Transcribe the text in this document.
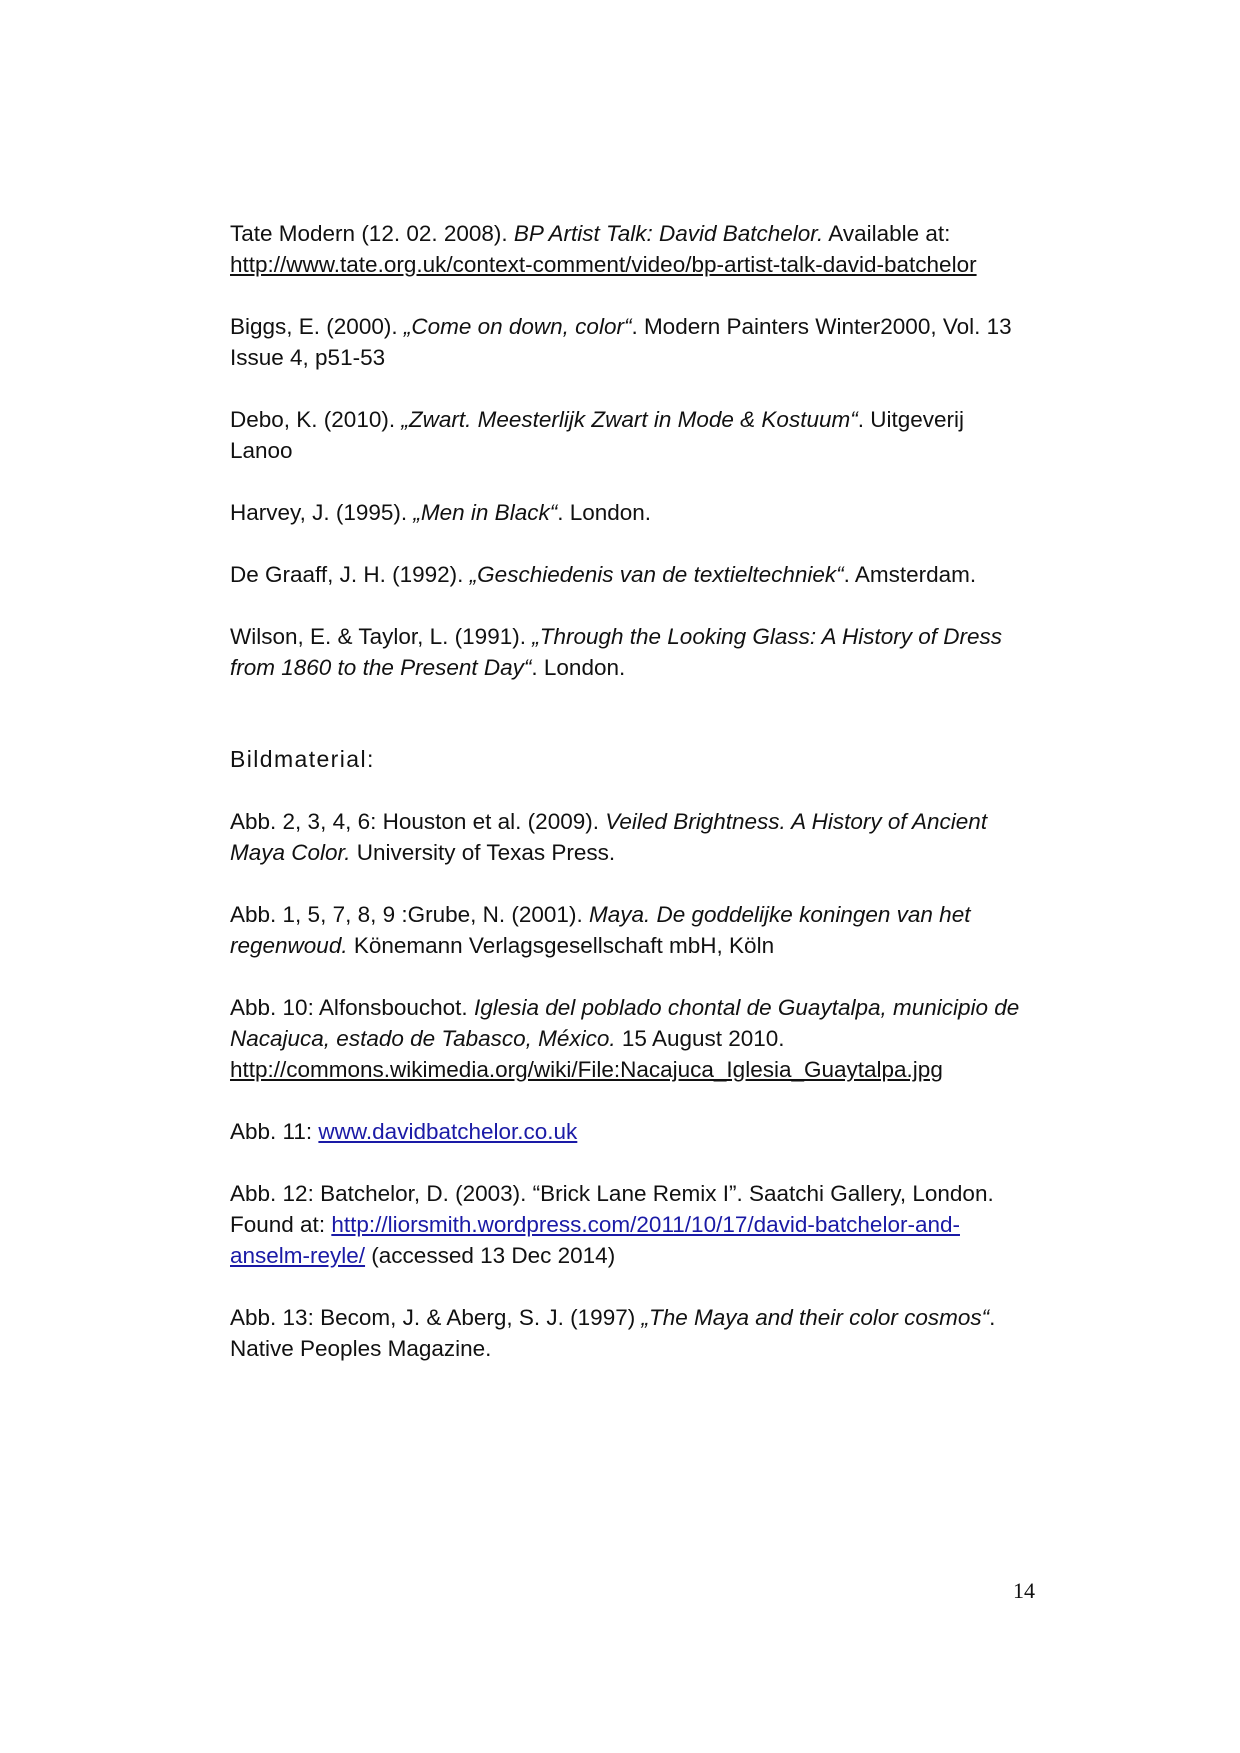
Tate Modern (12. 02. 2008). BP Artist Talk: David Batchelor. Available at:
http://www.tate.org.uk/context-comment/video/bp-artist-talk-david-batchelor

Biggs, E. (2000). „Come on down, color“. Modern Painters Winter2000, Vol. 13 Issue 4, p51-53

Debo, K. (2010). „Zwart. Meesterlijk Zwart in Mode & Kostuum“. Uitgeverij Lanoo

Harvey, J. (1995). „Men in Black“. London.

De Graaff, J. H. (1992). „Geschiedenis van de textieltechniek“. Amsterdam.

Wilson, E. & Taylor, L. (1991). „Through the Looking Glass: A History of Dress from 1860 to the Present Day“. London.

Bildmaterial:

Abb. 2, 3, 4, 6: Houston et al. (2009). Veiled Brightness. A History of Ancient Maya Color. University of Texas Press.

Abb. 1, 5, 7, 8, 9 :Grube, N. (2001). Maya. De goddelijke koningen van het regenwoud. Könemann Verlagsgesellschaft mbH, Köln

Abb. 10: Alfonsbouchot. Iglesia del poblado chontal de Guaytalpa, municipio de Nacajuca, estado de Tabasco, México. 15 August 2010.
http://commons.wikimedia.org/wiki/File:Nacajuca_Iglesia_Guaytalpa.jpg

Abb. 11: www.davidbatchelor.co.uk

Abb. 12: Batchelor, D. (2003). “Brick Lane Remix I”. Saatchi Gallery, London. Found at: http://liorsmith.wordpress.com/2011/10/17/david-batchelor-and-anselm-reyle/ (accessed 13 Dec 2014)

Abb. 13: Becom, J. & Aberg, S. J. (1997) „The Maya and their color cosmos“. Native Peoples Magazine.

14
